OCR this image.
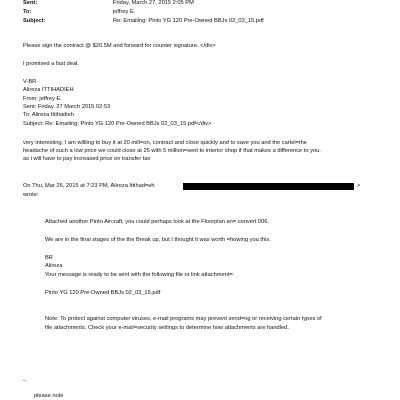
Sent:	Friday, March 27, 2015 2:05 PM
To:	jeffrey E.
Subject:	Re: Emailing: Pinto YG 120 Pre-Owned BBJs 02_03_15.pdf
Please sign the contract @ $20.5M and forward for counter signature. </div>
I promised a fast deal.
V-BR
Alireza ITTIHADIEH
From: jeffrey E.
Sent: Friday, 27 March 2015 02:53
To: Alireza Ittihadieh
Subject: Re: Emailing: Pinto YG 120 Pre-Owned BBJs 02_03_15.pdf</div>
very interesting, I am willling to buy it at 20 mill=on, contract and close quickly and to save you and the cartel=the
headache of such a low price we could close at 25 with 5 million=sent to interior shop if that makes a difference to you.
as i will have to pay increased price on transfer tax
On Thu, Mar 26, 2015 at 7:23 PM, Alireza Ittihad=eh	>
wrote:
Attached another Pinto Aircraft, you could perhaps look at the Floorplan an= convert 006.
We are in the final stages of the the Break up, but I thought it was worth =howing you this.
BR
Alireza
Your message is ready to be sent with the following file or link attachment=:
Pinto YG 120 Pre-Owned BBJs 02_03_15.pdf
Note: To protect against computer viruses, e-mail programs may prevent send=ng or receiving certain types of
file attachments. Check your e-mail=security settings to determine how attachments are handled.
--
please note
